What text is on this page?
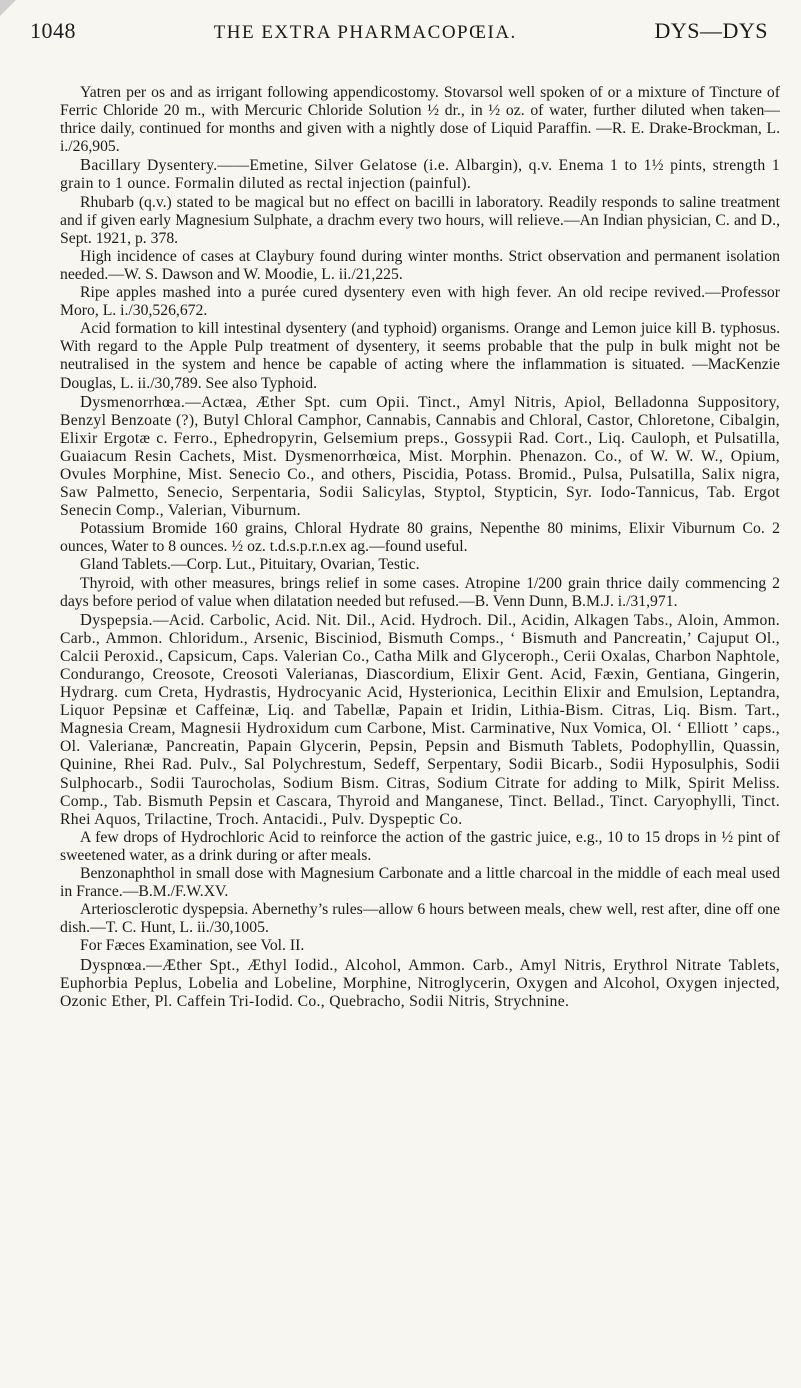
1048	THE EXTRA PHARMACOPŒIA.	DYS—DYS

Yatren per os and as irrigant following appendicostomy. Stovarsol well spoken of or a mixture of Tincture of Ferric Chloride 20 m., with Mercuric Chloride Solution ½ dr., in ½ oz. of water, further diluted when taken—thrice daily, continued for months and given with a nightly dose of Liquid Paraffin. —R. E. Drake-Brockman, L. i./26,905.

Bacillary Dysentery.——Emetine, Silver Gelatose (i.e. Albargin), q.v. Enema 1 to 1½ pints, strength 1 grain to 1 ounce. Formalin diluted as rectal injection (painful).

Rhubarb (q.v.) stated to be magical but no effect on bacilli in laboratory. Readily responds to saline treatment and if given early Magnesium Sulphate, a drachm every two hours, will relieve.—An Indian physician, C. and D., Sept. 1921, p. 378.

High incidence of cases at Claybury found during winter months. Strict observation and permanent isolation needed.—W. S. Dawson and W. Moodie, L. ii./21,225.

Ripe apples mashed into a purée cured dysentery even with high fever. An old recipe revived.—Professor Moro, L. i./30,526,672.

Acid formation to kill intestinal dysentery (and typhoid) organisms. Orange and Lemon juice kill B. typhosus. With regard to the Apple Pulp treatment of dysentery, it seems probable that the pulp in bulk might not be neutralised in the system and hence be capable of acting where the inflammation is situated. —MacKenzie Douglas, L. ii./30,789. See also Typhoid.

Dysmenorrhœa.—Actæa, Æther Spt. cum Opii. Tinct., Amyl Nitris, Apiol, Belladonna Suppository, Benzyl Benzoate (?), Butyl Chloral Camphor, Cannabis, Cannabis and Chloral, Castor, Chloretone, Cibalgin, Elixir Ergotæ c. Ferro., Ephedropyrin, Gelsemium preps., Gossypii Rad. Cort., Liq. Cauloph, et Pulsatilla, Guaiacum Resin Cachets, Mist. Dysmenorrhœica, Mist. Morphin. Phenazon. Co., of W. W. W., Opium, Ovules Morphine, Mist. Senecio Co., and others, Piscidia, Potass. Bromid., Pulsa, Pulsatilla, Salix nigra, Saw Palmetto, Senecio, Serpentaria, Sodii Salicylas, Styptol, Stypticin, Syr. Iodo-Tannicus, Tab. Ergot Senecin Comp., Valerian, Viburnum.

Potassium Bromide 160 grains, Chloral Hydrate 80 grains, Nepenthe 80 minims, Elixir Viburnum Co. 2 ounces, Water to 8 ounces. ½ oz. t.d.s.p.r.n.ex ag.—found useful.

Gland Tablets.—Corp. Lut., Pituitary, Ovarian, Testic.

Thyroid, with other measures, brings relief in some cases. Atropine 1/200 grain thrice daily commencing 2 days before period of value when dilatation needed but refused.—B. Venn Dunn, B.M.J. i./31,971.

Dyspepsia.—Acid. Carbolic, Acid. Nit. Dil., Acid. Hydroch. Dil., Acidin, Alkagen Tabs., Aloin, Ammon. Carb., Ammon. Chloridum., Arsenic, Bisciniod, Bismuth Comps., ‘ Bismuth and Pancreatin,’ Cajuput Ol., Calcii Peroxid., Capsicum, Caps. Valerian Co., Catha Milk and Glyceroph., Cerii Oxalas, Charbon Naphtole, Condurango, Creosote, Creosoti Valerianas, Diascordium, Elixir Gent. Acid, Fæxin, Gentiana, Gingerin, Hydrarg. cum Creta, Hydrastis, Hydrocyanic Acid, Hysterionica, Lecithin Elixir and Emulsion, Leptandra, Liquor Pepsinæ et Caffeinæ, Liq. and Tabellæ, Papain et Iridin, Lithia-Bism. Citras, Liq. Bism. Tart., Magnesia Cream, Magnesii Hydroxidum cum Carbone, Mist. Carminative, Nux Vomica, Ol. ‘ Elliott ’ caps., Ol. Valerianæ, Pancreatin, Papain Glycerin, Pepsin, Pepsin and Bismuth Tablets, Podophyllin, Quassin, Quinine, Rhei Rad. Pulv., Sal Polychrestum, Sedeff, Serpentary, Sodii Bicarb., Sodii Hyposulphis, Sodii Sulphocarb., Sodii Taurocholas, Sodium Bism. Citras, Sodium Citrate for adding to Milk, Spirit Meliss. Comp., Tab. Bismuth Pepsin et Cascara, Thyroid and Manganese, Tinct. Bellad., Tinct. Caryophylli, Tinct. Rhei Aquos, Trilactine, Troch. Antacidi., Pulv. Dyspeptic Co.

A few drops of Hydrochloric Acid to reinforce the action of the gastric juice, e.g., 10 to 15 drops in ½ pint of sweetened water, as a drink during or after meals.

Benzonaphthol in small dose with Magnesium Carbonate and a little charcoal in the middle of each meal used in France.—B.M./F.W.XV.

Arteriosclerotic dyspepsia. Abernethy’s rules—allow 6 hours between meals, chew well, rest after, dine off one dish.—T. C. Hunt, L. ii./30,1005.

For Fæces Examination, see Vol. II.

Dyspnœa.—Æther Spt., Æthyl Iodid., Alcohol, Ammon. Carb., Amyl Nitris, Erythrol Nitrate Tablets, Euphorbia Peplus, Lobelia and Lobeline, Morphine, Nitroglycerin, Oxygen and Alcohol, Oxygen injected, Ozonic Ether, Pl. Caffein Tri-Iodid. Co., Quebracho, Sodii Nitris, Strychnine.
